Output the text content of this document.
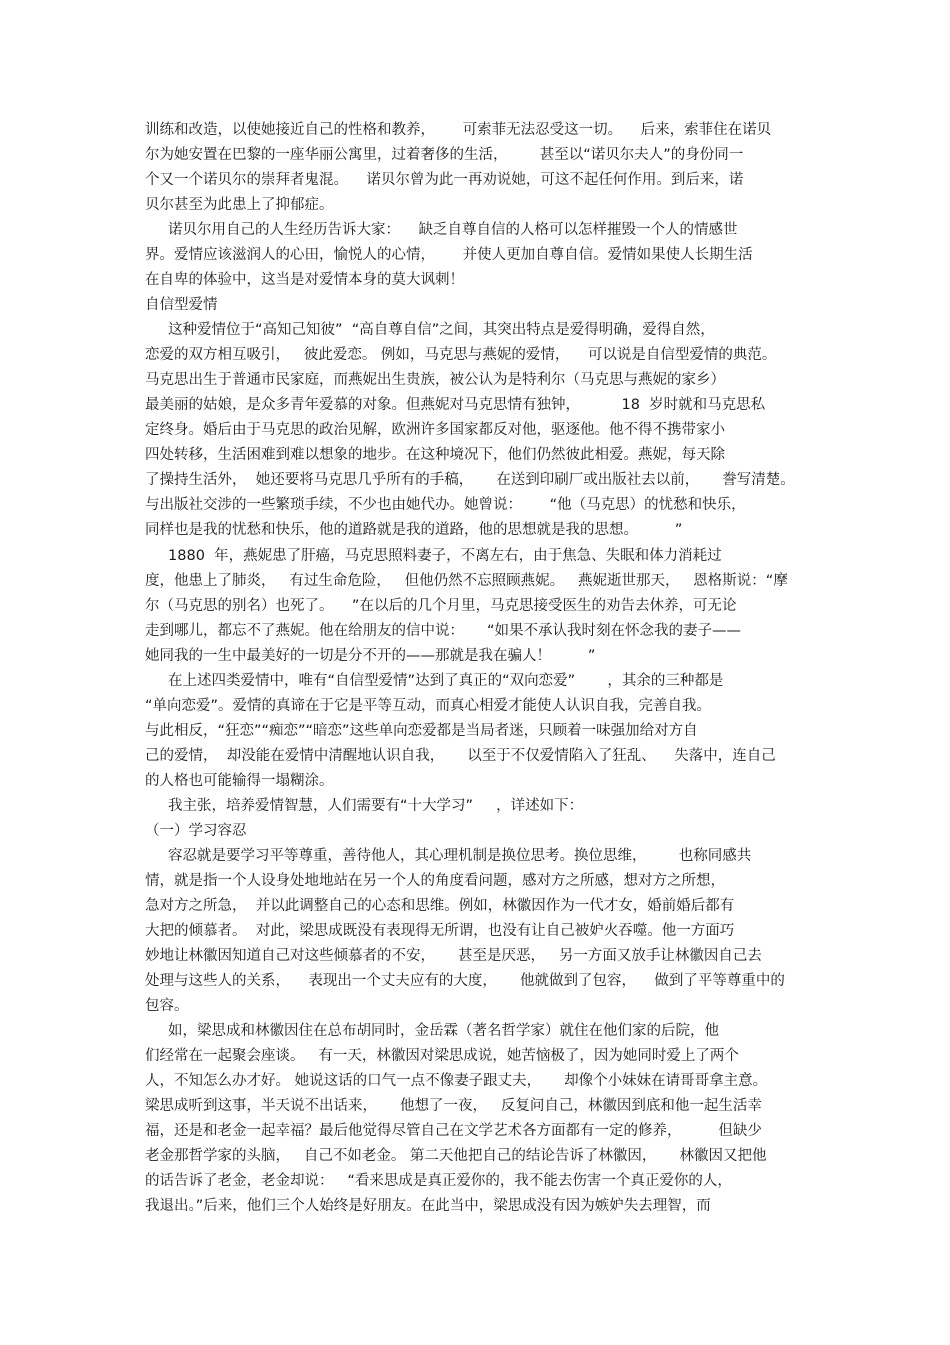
训练和改造，以使她接近自己的性格和教养，      可索菲无法忍受这一切。    后来，索菲住在诺贝

尔为她安置在巴黎的一座华丽公寓里，过着奢侈的生活，       甚至以“诺贝尔夫人”的身份同一

个又一个诺贝尔的崇拜者鬼混。    诺贝尔曾为此一再劝说她，可这不起任何作用。到后来，诺

贝尔甚至为此患上了抑郁症。

诺贝尔用自己的人生经历告诉大家：    缺乏自尊自信的人格可以怎样摧毁一个人的情感世

界。爱情应该滋润人的心田，愉悦人的心情，      并使人更加自尊自信。爱情如果使人长期生活

在自卑的体验中，这当是对爱情本身的莫大讽刺！

自信型爱情

这种爱情位于“高知己知彼”  “高自尊自信”之间，其突出特点是爱得明确，爱得自然，

恋爱的双方相互吸引，   彼此爱恋。 例如，马克思与燕妮的爱情，    可以说是自信型爱情的典范。

马克思出生于普通市民家庭，而燕妮出生贵族，被公认为是特利尔（马克思与燕妮的家乡）

最美丽的姑娘，是众多青年爱慕的对象。但燕妮对马克思情有独钟，         18  岁时就和马克思私

定终身。婚后由于马克思的政治见解，欧洲许多国家都反对他，驱逐他。他不得不携带家小

四处转移，生活困难到难以想象的地步。在这种境况下，他们仍然彼此相爱。燕妮，每天除

了操持生活外，  她还要将马克思几乎所有的手稿，     在送到印刷厂或出版社去以前，     誊写清楚。

与出版社交涉的一些繁琐手续，不少也由她代办。她曾说：      “他（马克思）的忧愁和快乐，

同样也是我的忧愁和快乐，他的道路就是我的道路，他的思想就是我的思想。        ”

1880  年，燕妮患了肝癌，马克思照料妻子，不离左右，由于焦急、失眠和体力消耗过

度，他患上了肺炎，   有过生命危险，   但他仍然不忘照顾燕妮。   燕妮逝世那天，   恩格斯说：“摩

尔（马克思的别名）也死了。    ”在以后的几个月里，马克思接受医生的劝告去休养，可无论

走到哪儿，都忘不了燕妮。他在给朋友的信中说：     “如果不承认我时刻在怀念我的妻子——

她同我的一生中最美好的一切是分不开的——那就是我在骗人！        ”

在上述四类爱情中，唯有“自信型爱情”达到了真正的“双向恋爱”       ，其余的三种都是

“单向恋爱”。爱情的真谛在于它是平等互动，而真心相爱才能使人认识自我，完善自我。

与此相反，“狂恋”“痴恋”“暗恋”这些单向恋爱都是当局者迷，只顾着一味强加给对方自

己的爱情，  却没能在爱情中清醒地认识自我，     以至于不仅爱情陷入了狂乱、    失落中，连自己

的人格也可能输得一塌糊涂。

我主张，培养爱情智慧，人们需要有“十大学习”     ，详述如下：

（一）学习容忍

容忍就是要学习平等尊重，善待他人，其心理机制是换位思考。换位思维，       也称同感共

情，就是指一个人设身处地地站在另一个人的角度看问题，感对方之所感，想对方之所想，

急对方之所急，  并以此调整自己的心态和思维。例如，林徽因作为一代才女，婚前婚后都有

大把的倾慕者。  对此，梁思成既没有表现得无所谓，也没有让自己被妒火吞噬。他一方面巧

妙地让林徽因知道自己对这些倾慕者的不安，     甚至是厌恶，   另一方面又放手让林徽因自己去

处理与这些人的关系，    表现出一个丈夫应有的大度，     他就做到了包容，    做到了平等尊重中的

包容。

如，梁思成和林徽因住在总布胡同时，金岳霖（著名哲学家）就住在他们家的后院，他

们经常在一起聚会座谈。   有一天，林徽因对梁思成说，她苦恼极了，因为她同时爱上了两个

人，不知怎么办才好。 她说这话的口气一点不像妻子跟丈夫，     却像个小妹妹在请哥哥拿主意。

梁思成听到这事，半天说不出话来，     他想了一夜，   反复问自己，林徽因到底和他一起生活幸

福，还是和老金一起幸福？最后他觉得尽管自己在文学艺术各方面都有一定的修养，        但缺少

老金那哲学家的头脑，   自己不如老金。 第二天他把自己的结论告诉了林徽因，     林徽因又把他

的话告诉了老金，老金却说：   “看来思成是真正爱你的，我不能去伤害一个真正爱你的人，

我退出。”后来，他们三个人始终是好朋友。在此当中，梁思成没有因为嫉妒失去理智，而
